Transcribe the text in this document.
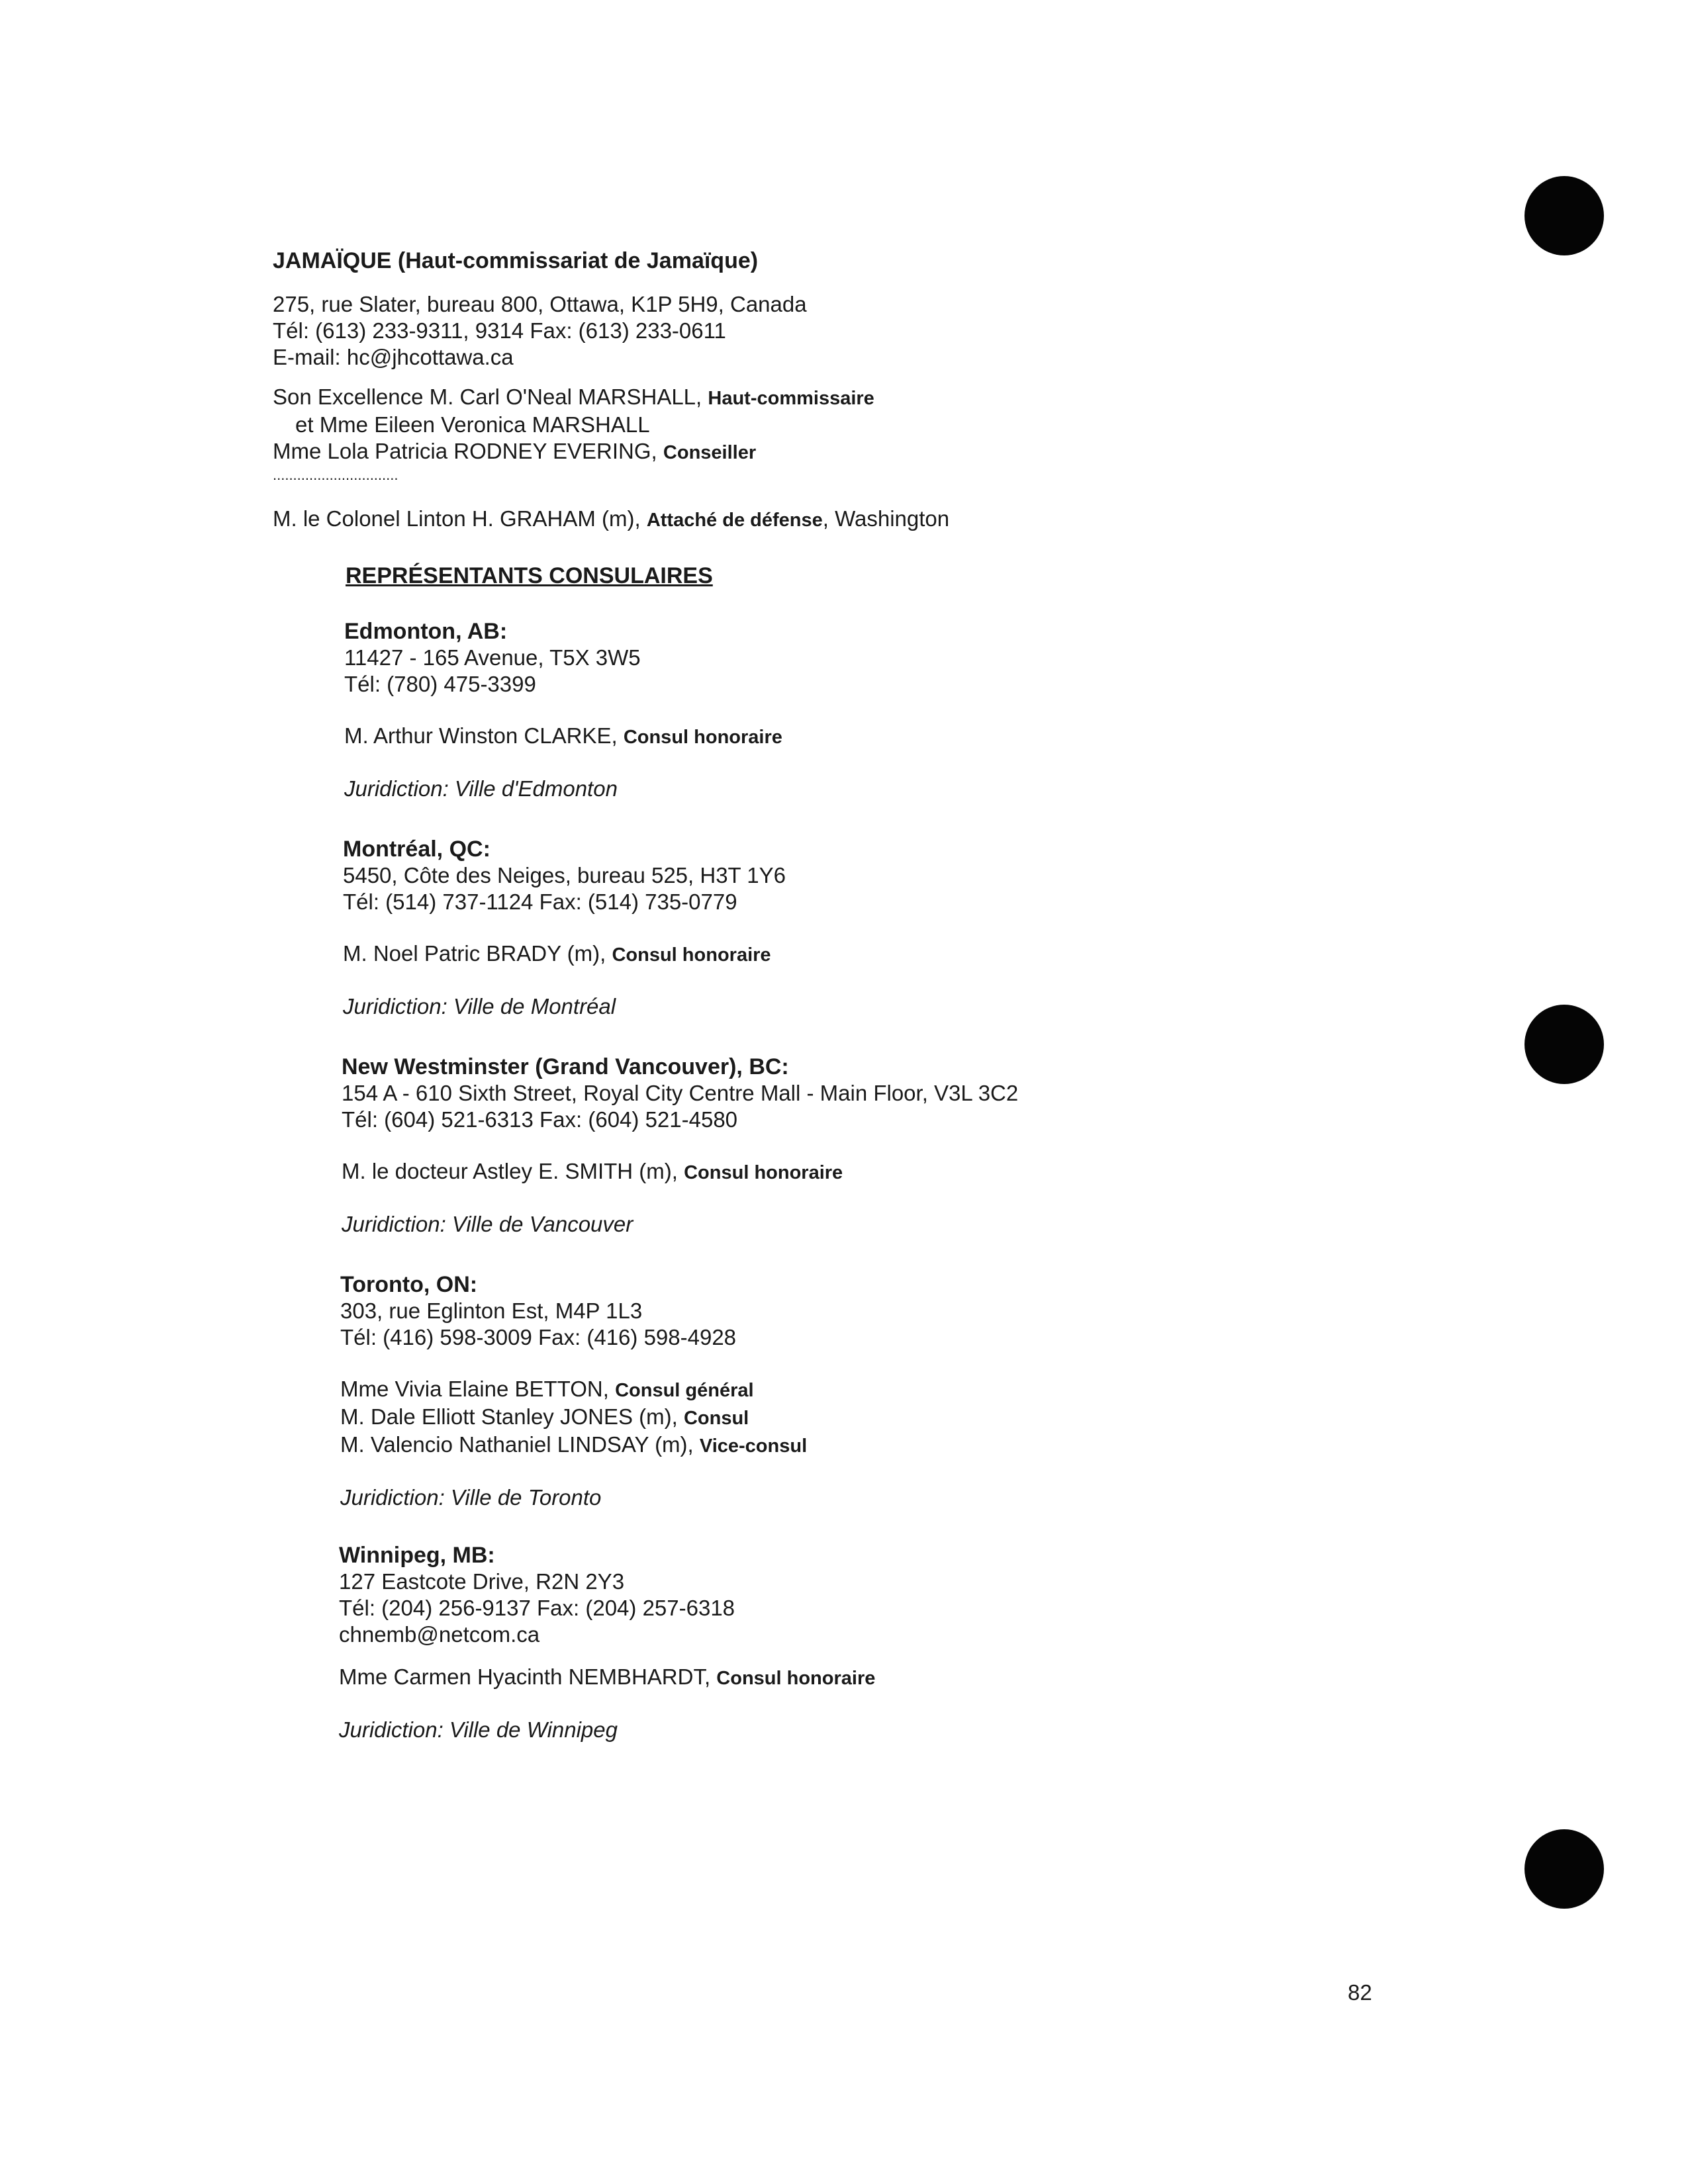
JAMAÏQUE (Haut-commissariat de Jamaïque)
275, rue Slater, bureau 800, Ottawa, K1P 5H9, Canada
Tél: (613) 233-9311, 9314 Fax: (613) 233-0611
E-mail: hc@jhcottawa.ca
Son Excellence M. Carl O'Neal MARSHALL, Haut-commissaire
et Mme Eileen Veronica MARSHALL
Mme Lola Patricia RODNEY EVERING, Conseiller
...............................
M. le Colonel Linton H. GRAHAM (m), Attaché de défense, Washington
REPRÉSENTANTS CONSULAIRES
Edmonton, AB:
11427 - 165 Avenue, T5X 3W5
Tél: (780) 475-3399
M. Arthur Winston CLARKE, Consul honoraire
Juridiction: Ville d'Edmonton
Montréal, QC:
5450, Côte des Neiges, bureau 525, H3T 1Y6
Tél: (514) 737-1124 Fax: (514) 735-0779
M. Noel Patric BRADY (m), Consul honoraire
Juridiction: Ville de Montréal
New Westminster (Grand Vancouver), BC:
154 A - 610 Sixth Street, Royal City Centre Mall - Main Floor, V3L 3C2
Tél: (604) 521-6313 Fax: (604) 521-4580
M. le docteur Astley E. SMITH (m), Consul honoraire
Juridiction: Ville de Vancouver
Toronto, ON:
303, rue Eglinton Est, M4P 1L3
Tél: (416) 598-3009 Fax: (416) 598-4928
Mme Vivia Elaine BETTON, Consul général
M. Dale Elliott Stanley JONES (m), Consul
M. Valencio Nathaniel LINDSAY (m), Vice-consul
Juridiction: Ville de Toronto
Winnipeg, MB:
127 Eastcote Drive, R2N 2Y3
Tél: (204) 256-9137 Fax: (204) 257-6318
chnemb@netcom.ca
Mme Carmen Hyacinth NEMBHARDT, Consul honoraire
Juridiction: Ville de Winnipeg
82
